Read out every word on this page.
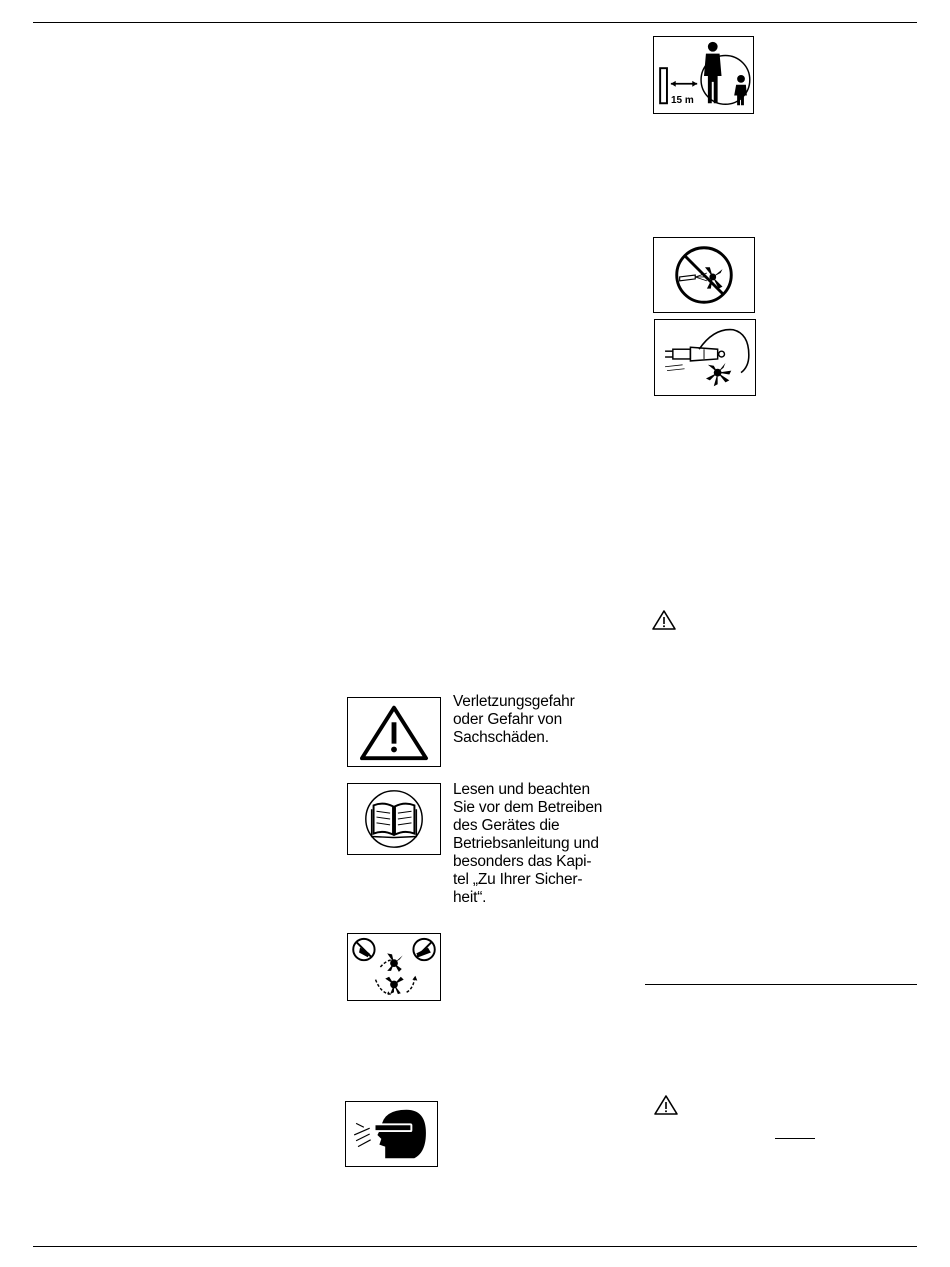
Verletzungsgefahr
oder Gefahr von
Sachschäden.
Lesen und beachten
Sie vor dem Betreiben
des Gerätes die
Betriebsanleitung und
besonders das Kapi-
tel „Zu Ihrer Sicher-
heit“.
15 m
